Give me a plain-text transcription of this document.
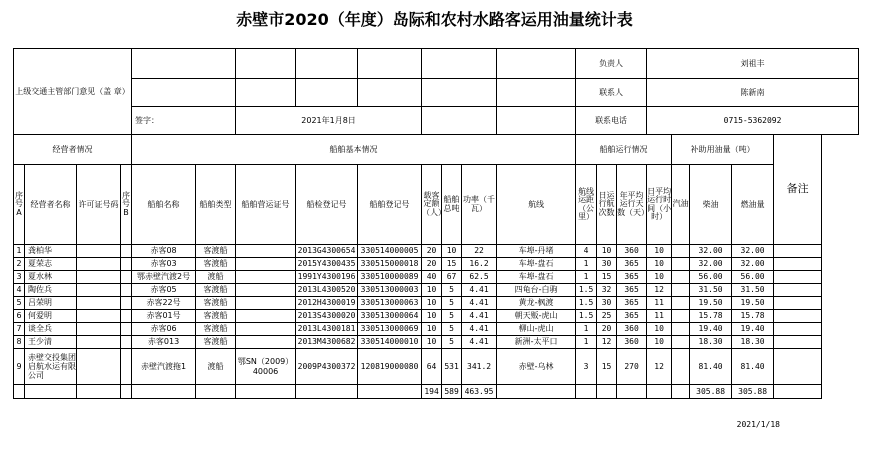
赤壁市2020（年度）岛际和农村水路客运用油量统计表
上级交通主管部门意见（盖 章）													负责人			刘祖丰				
													联系人			陈新南				
				签字：		2021年1月8日							联系电话			0715-5362092				
经营者情况				船舶基本情况									船舶运行情况				补助用油量（吨）			备注
序号A	经营者名称	许可证号码	序号B	船舶名称	船舶类型	船舶营运证号	船检登记号	船舶登记号	载客定额（人）	船舶总吨	功率（千瓦）	航线	航线运距（公里）	日运行航次数	年平均运行天数（天）	日平均运行时间（小时）	汽油	柴油	燃油量	
1	龚柏华			赤客08	客渡船		2013G4300654	330514000005	20	10	22	车埠-丹堵	4	10	360	10		32.00	32.00	
2	夏荣志			赤客03	客渡船		2015Y4300435	330515000018	20	15	16.2	车埠-盘石	1	30	365	10		32.00	32.00	
3	夏水林			鄂赤壁汽渡2号	渡船		1991Y4300196	330510000089	40	67	62.5	车埠-盘石	1	15	365	10		56.00	56.00	
4	陶佐兵			赤客05	客渡船		2013L4300520	330513000003	10	5	4.41	四龟台-白驹	1.5	32	365	12		31.50	31.50	
5	吕荣明			赤客22号	客渡船		2012H4300019	330513000063	10	5	4.41	黄龙-枫渡	1.5	30	365	11		19.50	19.50	
6	何爱明			赤客01号	客渡船		2013S4300020	330513000064	10	5	4.41	朝天贩-虎山	1.5	25	365	11		15.78	15.78	
7	谈全兵			赤客06	客渡船		2013L4300181	330513000069	10	5	4.41	柳山-虎山	1	20	360	10		19.40	19.40	
8	王少清			赤客013	客渡船		2013M4300682	330514000010	10	5	4.41	新洲-太平口	1	12	360	10		18.30	18.30	
9	赤壁交投集团启航水运有限公司			赤壁汽渡拖1	渡船	鄂SN（2009）40006	2009P4300372	120819000080	64	531	341.2	赤壁-乌林	3	15	270	12		81.40	81.40	
									194	589	463.95							305.88	305.88	
2021/1/18
